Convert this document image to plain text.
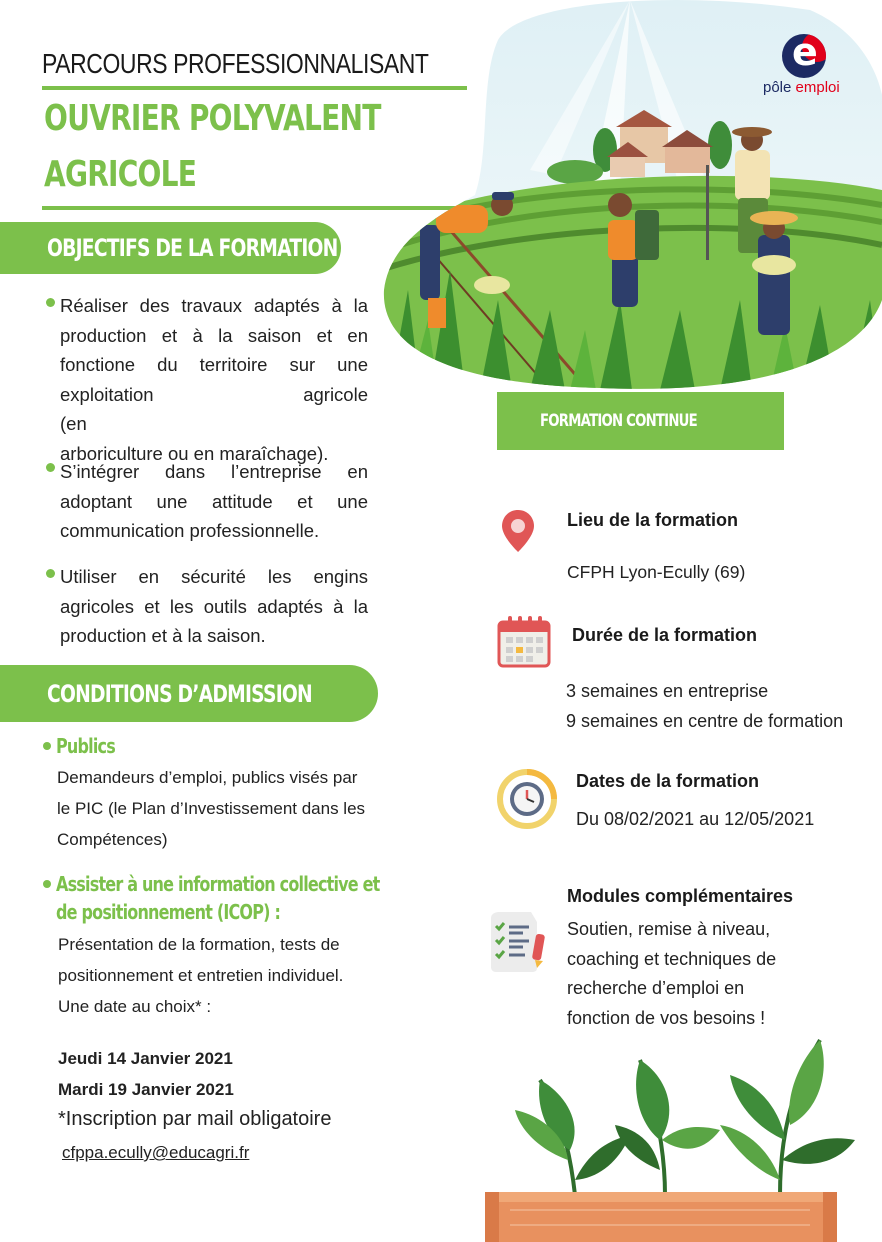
PARCOURS PROFESSIONNALISANT
OUVRIER POLYVALENT
AGRICOLE
e
pôle emploi
OBJECTIFS DE LA FORMATION
Réaliser des travaux adaptés à la
production et à la saison et en
fonctione du territoire sur une
exploitation agricole (en
arboriculture ou en maraîchage).
S’intégrer dans l’entreprise en
adoptant une attitude et une
communication professionnelle.
Utiliser en sécurité les engins
agricoles et les outils adaptés à la
production et à la saison.
CONDITIONS D’ADMISSION
Publics
Demandeurs d’emploi, publics visés par
le PIC (le Plan d’Investissement dans les
Compétences)
Assister à une information collective et
de positionnement (ICOP) :
Présentation de la formation, tests de
positionnement et entretien individuel.
Une date au choix* :
Jeudi 14 Janvier 2021
Mardi 19 Janvier 2021
*Inscription par mail obligatoire
cfppa.ecully@educagri.fr
FORMATION CONTINUE
Lieu de la formation
CFPH Lyon-Ecully (69)
Durée de la formation
3 semaines en entreprise
9 semaines en centre de formation
Dates de la formation
Du 08/02/2021 au 12/05/2021
Modules complémentaires
Soutien, remise à niveau,
coaching et techniques de
recherche d’emploi en
fonction de vos besoins !
